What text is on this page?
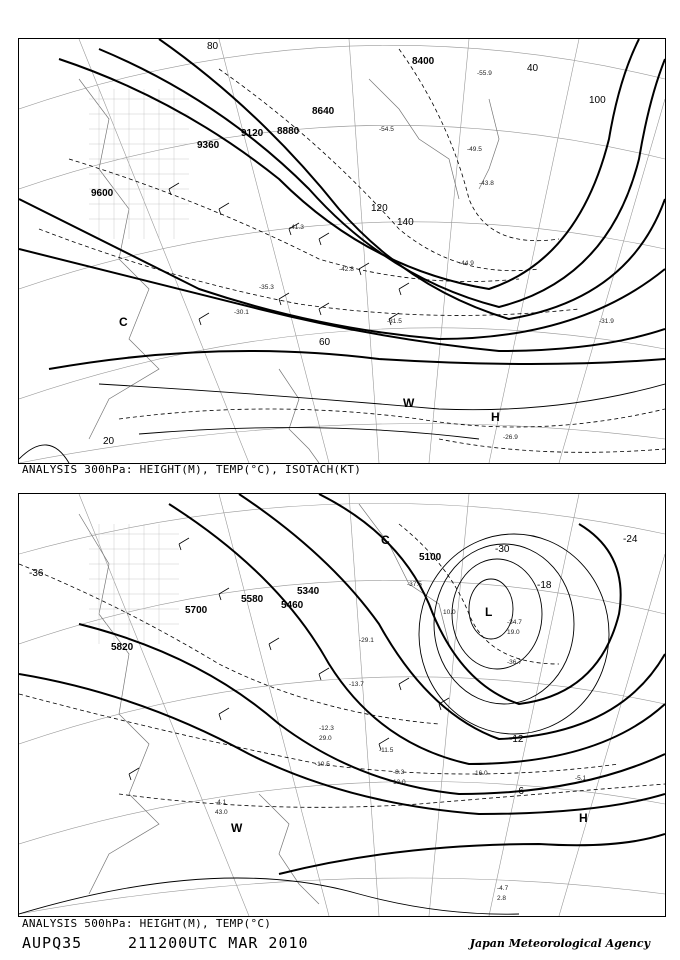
8400
8640
8880
9120
9360
9600
40
60
80
100
120
140
20
H
C
W
-55.9
-54.5
-49.5
-41.3
-42.8
-44.9
-43.8
-31.9
-26.9
-35.3
-31.5
-30.1
ANALYSIS 300hPa: HEIGHT(M), TEMP(°C), ISOTACH(KT)
5100
5340
5460
5580
5700
5820
-30
-24
-18
-12
-6
-36
L
H
C
W
-36.7
-34.7
-37.5
-29.1
-13.7
-12.3
-11.5
-10.5
-8.3
-5.1
-4.7
-4.1
10.0
19.0
29.0
13.0
16.0
2.8
43.0
ANALYSIS 500hPa: HEIGHT(M), TEMP(°C)
AUPQ35	211200UTC MAR 2010	Japan Meteorological Agency
